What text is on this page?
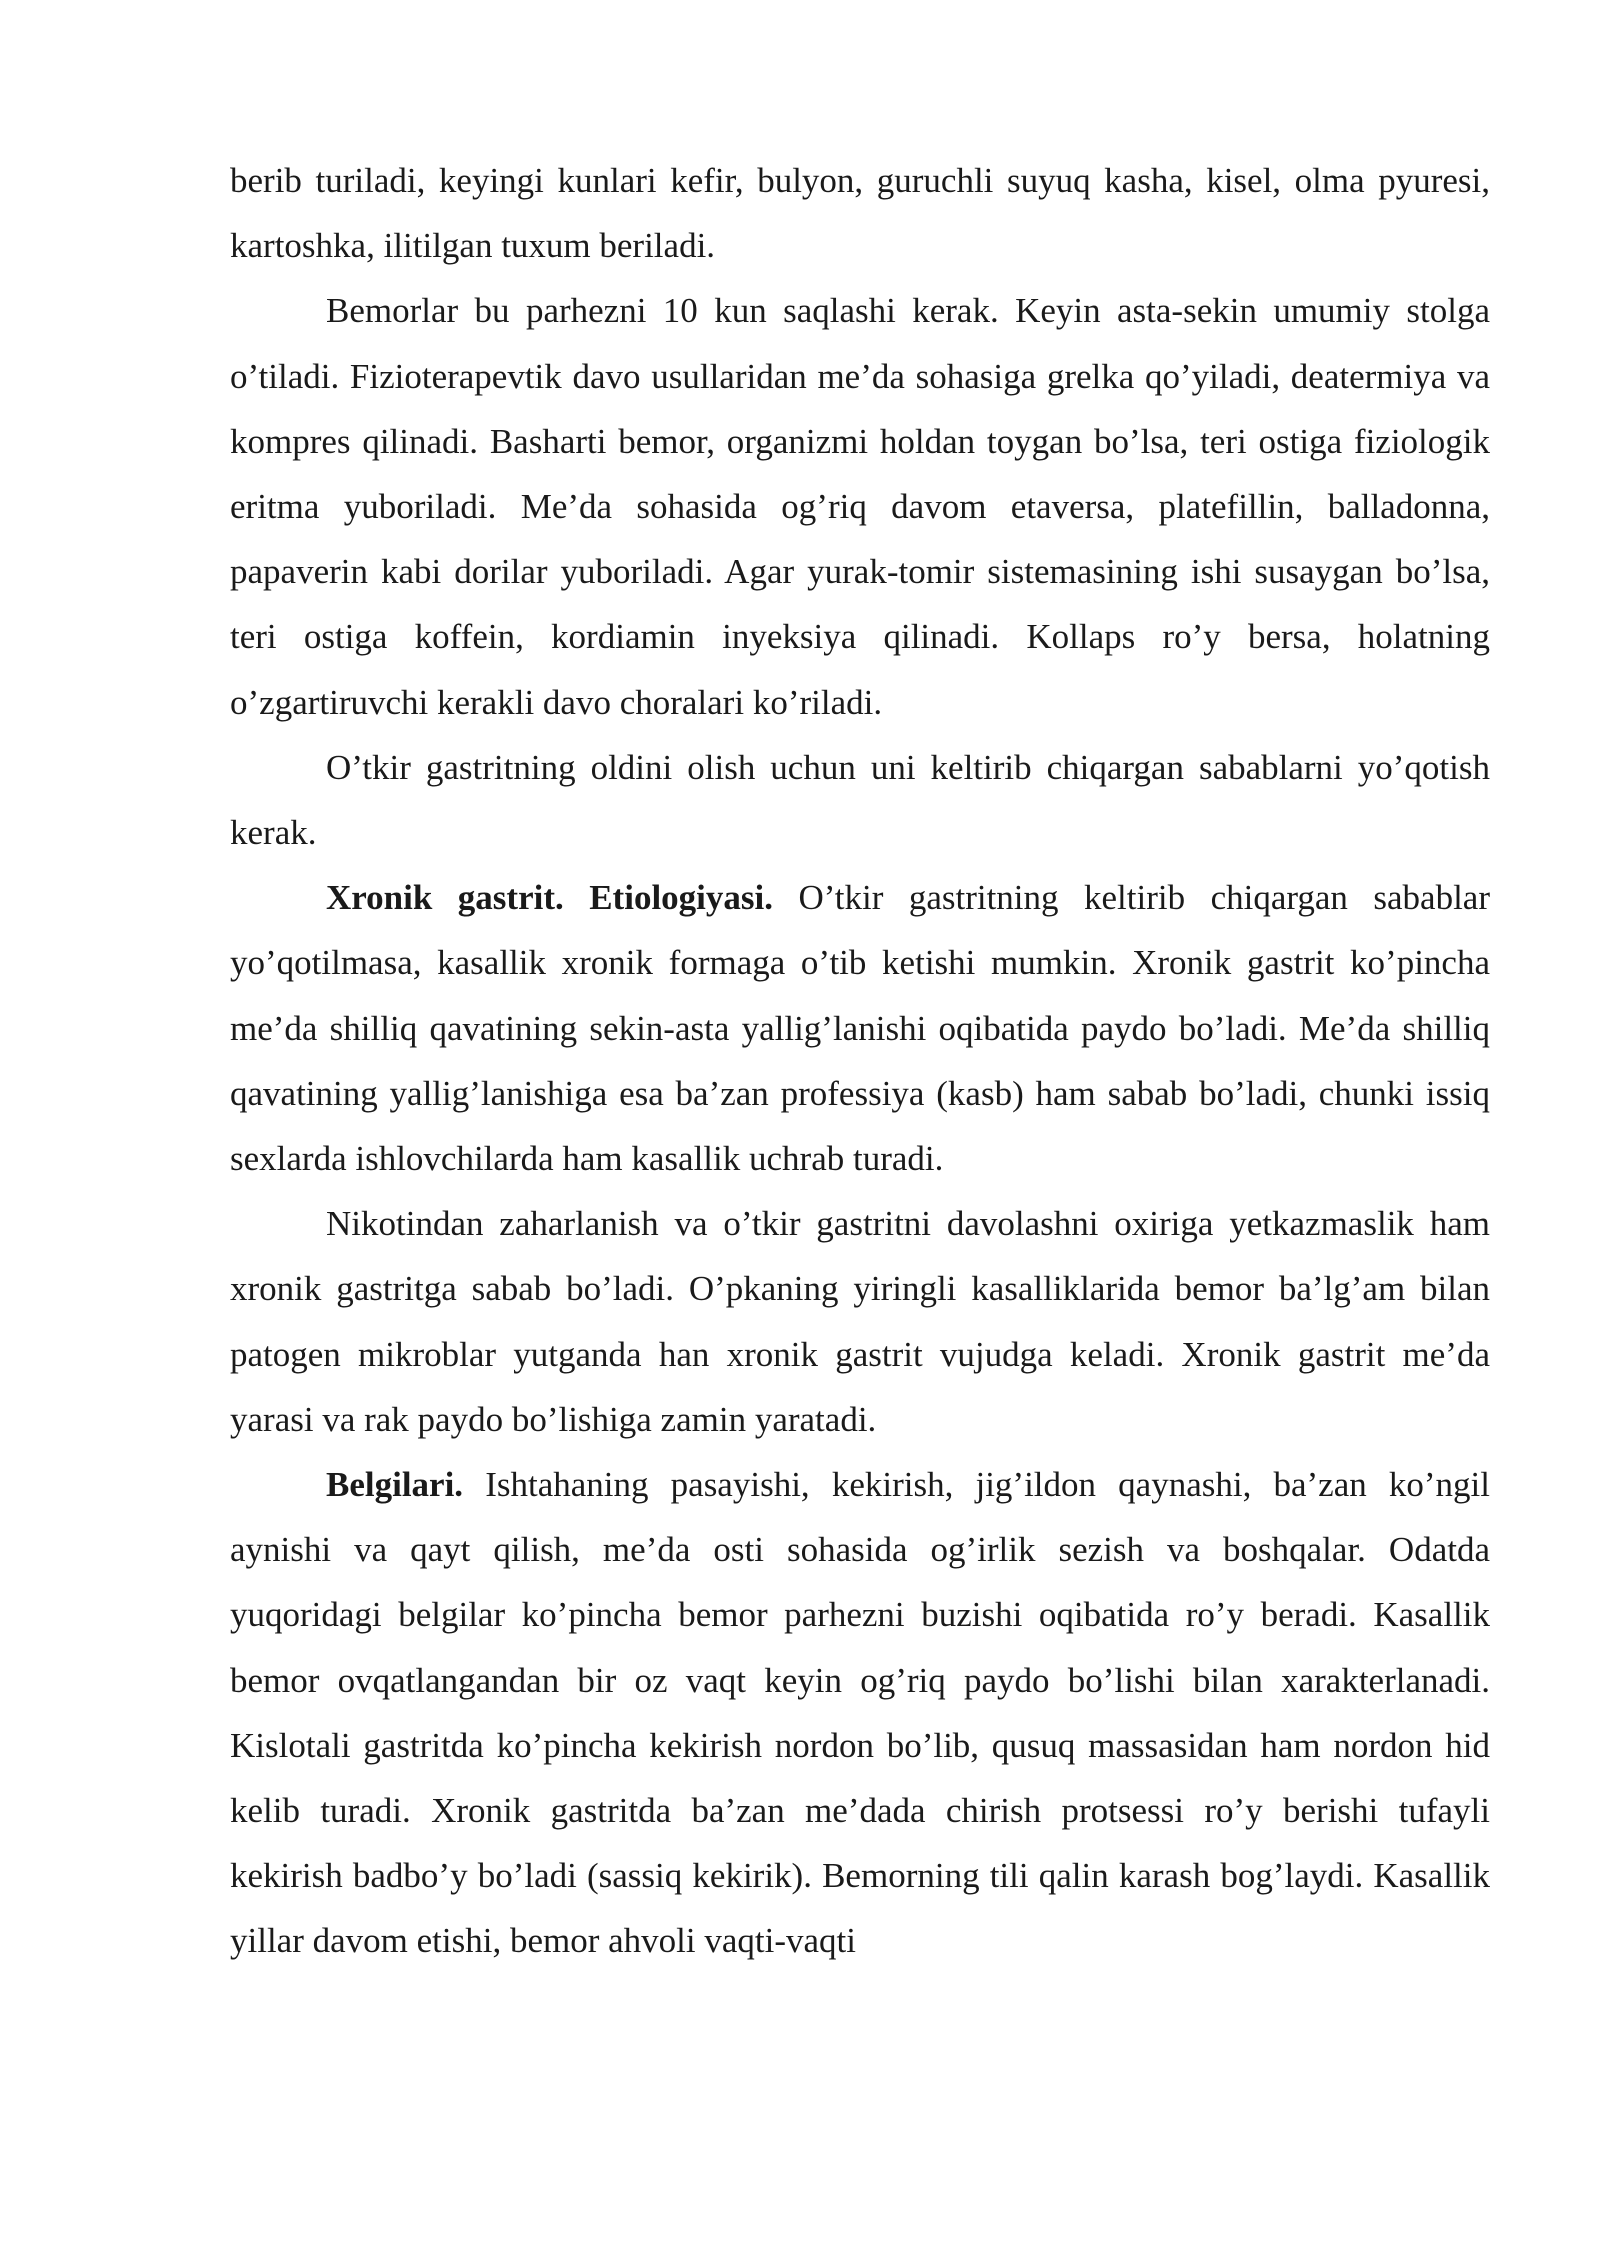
berib turiladi, keyingi kunlari kefir, bulyon, guruchli suyuq kasha, kisel, olma pyuresi, kartoshka, ilitilgan tuxum beriladi.

Bemorlar bu parhezni 10 kun saqlashi kerak. Keyin asta-sekin umumiy stolga o’tiladi. Fizioterapevtik davo usullaridan me’da sohasiga grelka qo’yiladi, deatermiya va kompres qilinadi. Basharti bemor, organizmi holdan toygan bo’lsa, teri ostiga fiziologik eritma yuboriladi. Me’da sohasida og’riq davom etaversa, platefillin, balladonna, papaverin kabi dorilar yuboriladi. Agar yurak-tomir sistemasining ishi susaygan bo’lsa, teri ostiga koffein, kordiamin inyeksiya qilinadi. Kollaps ro’y bersa, holatning o’zgartiruvchi kerakli davo choralari ko’riladi.

O’tkir gastritning oldini olish uchun uni keltirib chiqargan sabablarni yo’qotish kerak.

Xronik gastrit. Etiologiyasi. O’tkir gastritning keltirib chiqargan sabablar yo’qotilmasa, kasallik xronik formaga o’tib ketishi mumkin. Xronik gastrit ko’pincha me’da shilliq qavatining sekin-asta yallig’lanishi oqibatida paydo bo’ladi. Me’da shilliq qavatining yallig’lanishiga esa ba’zan professiya (kasb) ham sabab bo’ladi, chunki issiq sexlarda ishlovchilarda ham kasallik uchrab turadi.

Nikotindan zaharlanish va o’tkir gastritni davolashni oxiriga yetkazmaslik ham xronik gastritga sabab bo’ladi. O’pkaning yiringli kasalliklarida bemor ba’lg’am bilan patogen mikroblar yutganda han xronik gastrit vujudga keladi. Xronik gastrit me’da yarasi va rak paydo bo’lishiga zamin yaratadi.

Belgilari. Ishtahaning pasayishi, kekirish, jig’ildon qaynashi, ba’zan ko’ngil aynishi va qayt qilish, me’da osti sohasida og’irlik sezish va boshqalar. Odatda yuqoridagi belgilar ko’pincha bemor parhezni buzishi oqibatida ro’y beradi. Kasallik bemor ovqatlangandan bir oz vaqt keyin og’riq paydo bo’lishi bilan xarakterlanadi. Kislotali gastritda ko’pincha kekirish nordon bo’lib, qusuq massasidan ham nordon hid kelib turadi. Xronik gastritda ba’zan me’dada chirish protsessi ro’y berishi tufayli kekirish badbo’y bo’ladi (sassiq kekirik). Bemorning tili qalin karash bog’laydi. Kasallik yillar davom etishi, bemor ahvoli vaqti-vaqti
